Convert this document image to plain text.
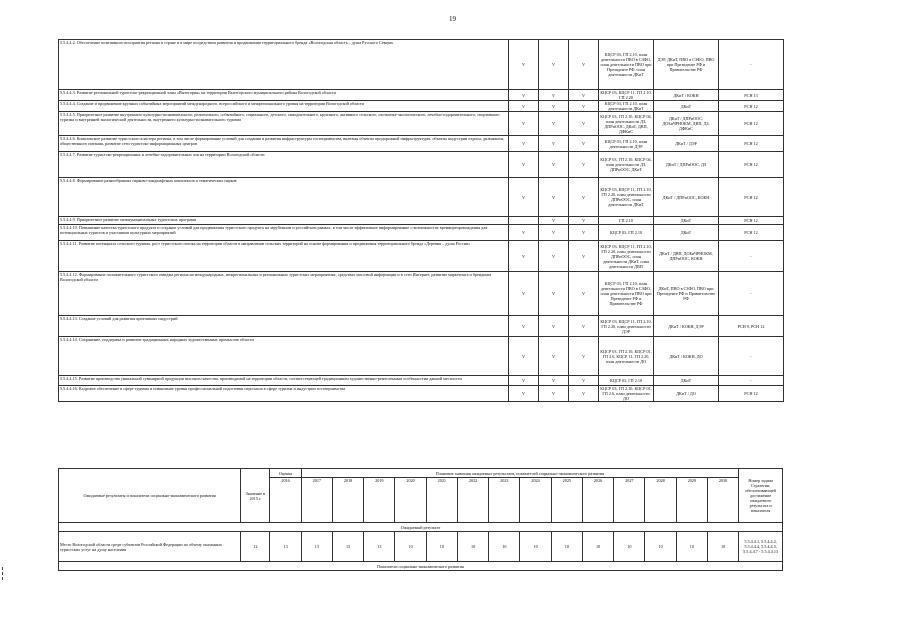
19
5.5.4.4.2. Обеспечение позитивного восприятия региона в стране и в мире посредством развития и продвижения территориального бренда «Вологодская область – душа Русского Севера»	V	V	V	КЦСР 03, ГП 2.10, план деятельности ПВО в СЗФО, план деятельности ПВО при Президенте РФ, план деятельности ДКиТ	ДЭР, ДКиТ, ПВО в СЗФО, ПВО при Президенте РФ и Правительстве РФ	-
5.5.4.4.3. Развитие региональной туристско-рекреационной зоны «Вытегория» на территории Вытегорского муниципального района Вологодской области	V	V	V	КЦСР 03, КЦСР 11, ГП 2.10, ГП 2.20	ДКиТ / КОКН	РСН 13
5.5.4.4.4. Создание и продвижение крупных событийных мероприятий международного, всероссийского и межрегионального уровня на территории Вологодской области	V	V	V	КЦСР 03, ГП 2.10, план деятельности ДКиТ	ДКиТ	РСН 12
5.5.4.4.5. Приоритетное развитие внутреннего культурно-познавательного, религиозного, событийного, социального, детского, самодеятельного, круизного, активного сельского, охотничье-экологического, лечебно-оздоровительного, спортивного туризма и внутренней экологической деятельности, внутреннего культурно-познавательного туризма	V	V	V	КЦСР 03, ГП 2.10, КЦСР 04, план деятельности ДЗ, ДПРиООС, ДКиТ, ДВП, ДФКиС	ДКиТ / ДПРиООС, ДОБиЧРНОКМ, ДВП, ДЗ, ДФКиС	РСН 12
5.5.4.4.6. Комплексное развитие туристского кластера региона, в том числе формирование условий для создания и развития инфраструктуры гостеприимства, включая объекты придорожной инфраструктуры, объекты индустрии отдыха, дилижансы, общественного питания, развитие сети туристско-информационных центров	V	V	V	КЦСР 03, ГП 2.10, план деятельности ДЭР	ДКиТ / ДЭР	РСН 12
5.5.4.4.7. Развитие туристско-рекреационных и лечебно-оздоровительных зон на территории Вологодской области	V	V	V	КЦСР 03, ГП 2.10, КЦСР 04, план деятельности ДЗ, ДПРиООС, ДКиТ	ДКиТ / ДПРиООС, ДЗ	РСН 12
5.5.4.4.8. Формирование разнообразных парково-ландшафтных комплексов и тематических парков	V	V	V	КЦСР 03, КЦСР 11, ГП 2.10, ГП 2.20, план деятельности ДПРиООС, план деятельности ДКиТ	ДКиТ / ДПРиООС, КОКН	РСН 12
5.5.4.4.9. Приоритетное развитие межмуниципальных туристских программ		V	V	ГП 2.10	ДКиТ	РСН 12
5.5.4.4.10. Повышение качества туристского продукта и создание условий для продвижения туристского продукта на зарубежном и российском рынках, в том числе эффективное информирование о возможностях времяпрепровождения для потенциальных туристов и участников культурных мероприятий	V	V	V	КЦСР 03, ГП 2.10	ДКиТ	РСН 12
5.5.4.4.11. Развитие потенциала сельского туризма, рост туристского потока на территории области в направлении сельских территорий на основе формирования и продвижения территориального бренда «Деревня – душа России»	V	V	V	КЦСР 03, КЦСР 11, ГП 2.10, ГП 2.20, план деятельности ДПРиООС, план деятельности ДКиТ, план деятельности ДВП	ДКиТ / ДВП, ДОБиЧРНОКМ, ДПРиООС, КОКН	-
5.5.4.4.12. Формирование положительного туристского имиджа региона на международных, межрегиональных и региональных туристских мероприятиях, средствах массовой информации и в сети Интернет, развитие маркетинга и брендинга Вологодской области	V	V	V	КЦСР 03, ГП 2.10, план деятельности ПВО в СЗФО, план деятельности ПВО при Президенте РФ и Правительстве РФ	ДКиТ, ПВО в СЗФО, ПВО при Президенте РФ и Правительстве РФ	-
5.5.4.4.13. Создание условий для развития креативных индустрий	V	V	V	КЦСР 03, КЦСР 11, ГП 2.10, ГП 2.20, план деятельности ДЭР	ДКиТ / КОКН, ДЭР	РСН 9, РСН 12
5.5.4.4.14. Сохранение, поддержка и развитие традиционных народных художественных промыслов области	V	V	V	КЦСР 03, ГП 2.10, КЦСР 01, ГП 2.6, КЦСР 11, ГП 2.20, план деятельности ДО	ДКиТ / КОКН, ДО	-
5.5.4.4.15. Развитие производства уникальной сувенирной продукции высокого качества, производимой на территории области, соответствующей традиционным художественно-ремесленным особенностям данной местности	V	V	V	КЦСР 03, ГП 2.10	ДКиТ	-
5.5.4.4.16. Кадровое обеспечение в сфере туризма и повышение уровня профессиональной подготовки персонала в сфере туризма и индустрии гостеприимства	V	V	V	КЦСР 03, ГП 2.10, КЦСР 01, ГП 2.6, план деятельности ДО	ДКиТ / ДО	РСН 12
Ожидаемые результаты и показатели социально-экономического развития	Значение в 2015 г.	Оценка	Плановые значения ожидаемых результатов, показателей социально-экономического развития														Номер задачи Стратегии, обеспечивающей достижение ожидаемого результата и показателя
		2016	2017	2018	2019	2020	2021	2022	2023	2024	2025	2026	2027	2028	2029	2030	
Ожидаемый результат																	
Место Вологодской области среди субъектов Российской Федерации по объему оказанных туристских услуг на душу населения	12	13	13	13	13	10	10	10	10	10	10	10	10	10	10	10	5.5.4.4.1, 5.5.4.4.2, 5.5.4.4.4, 5.5.4.4.5, 5.5.4.4.7 - 5.5.4.4.13
Показатели социально-экономического развития																	
